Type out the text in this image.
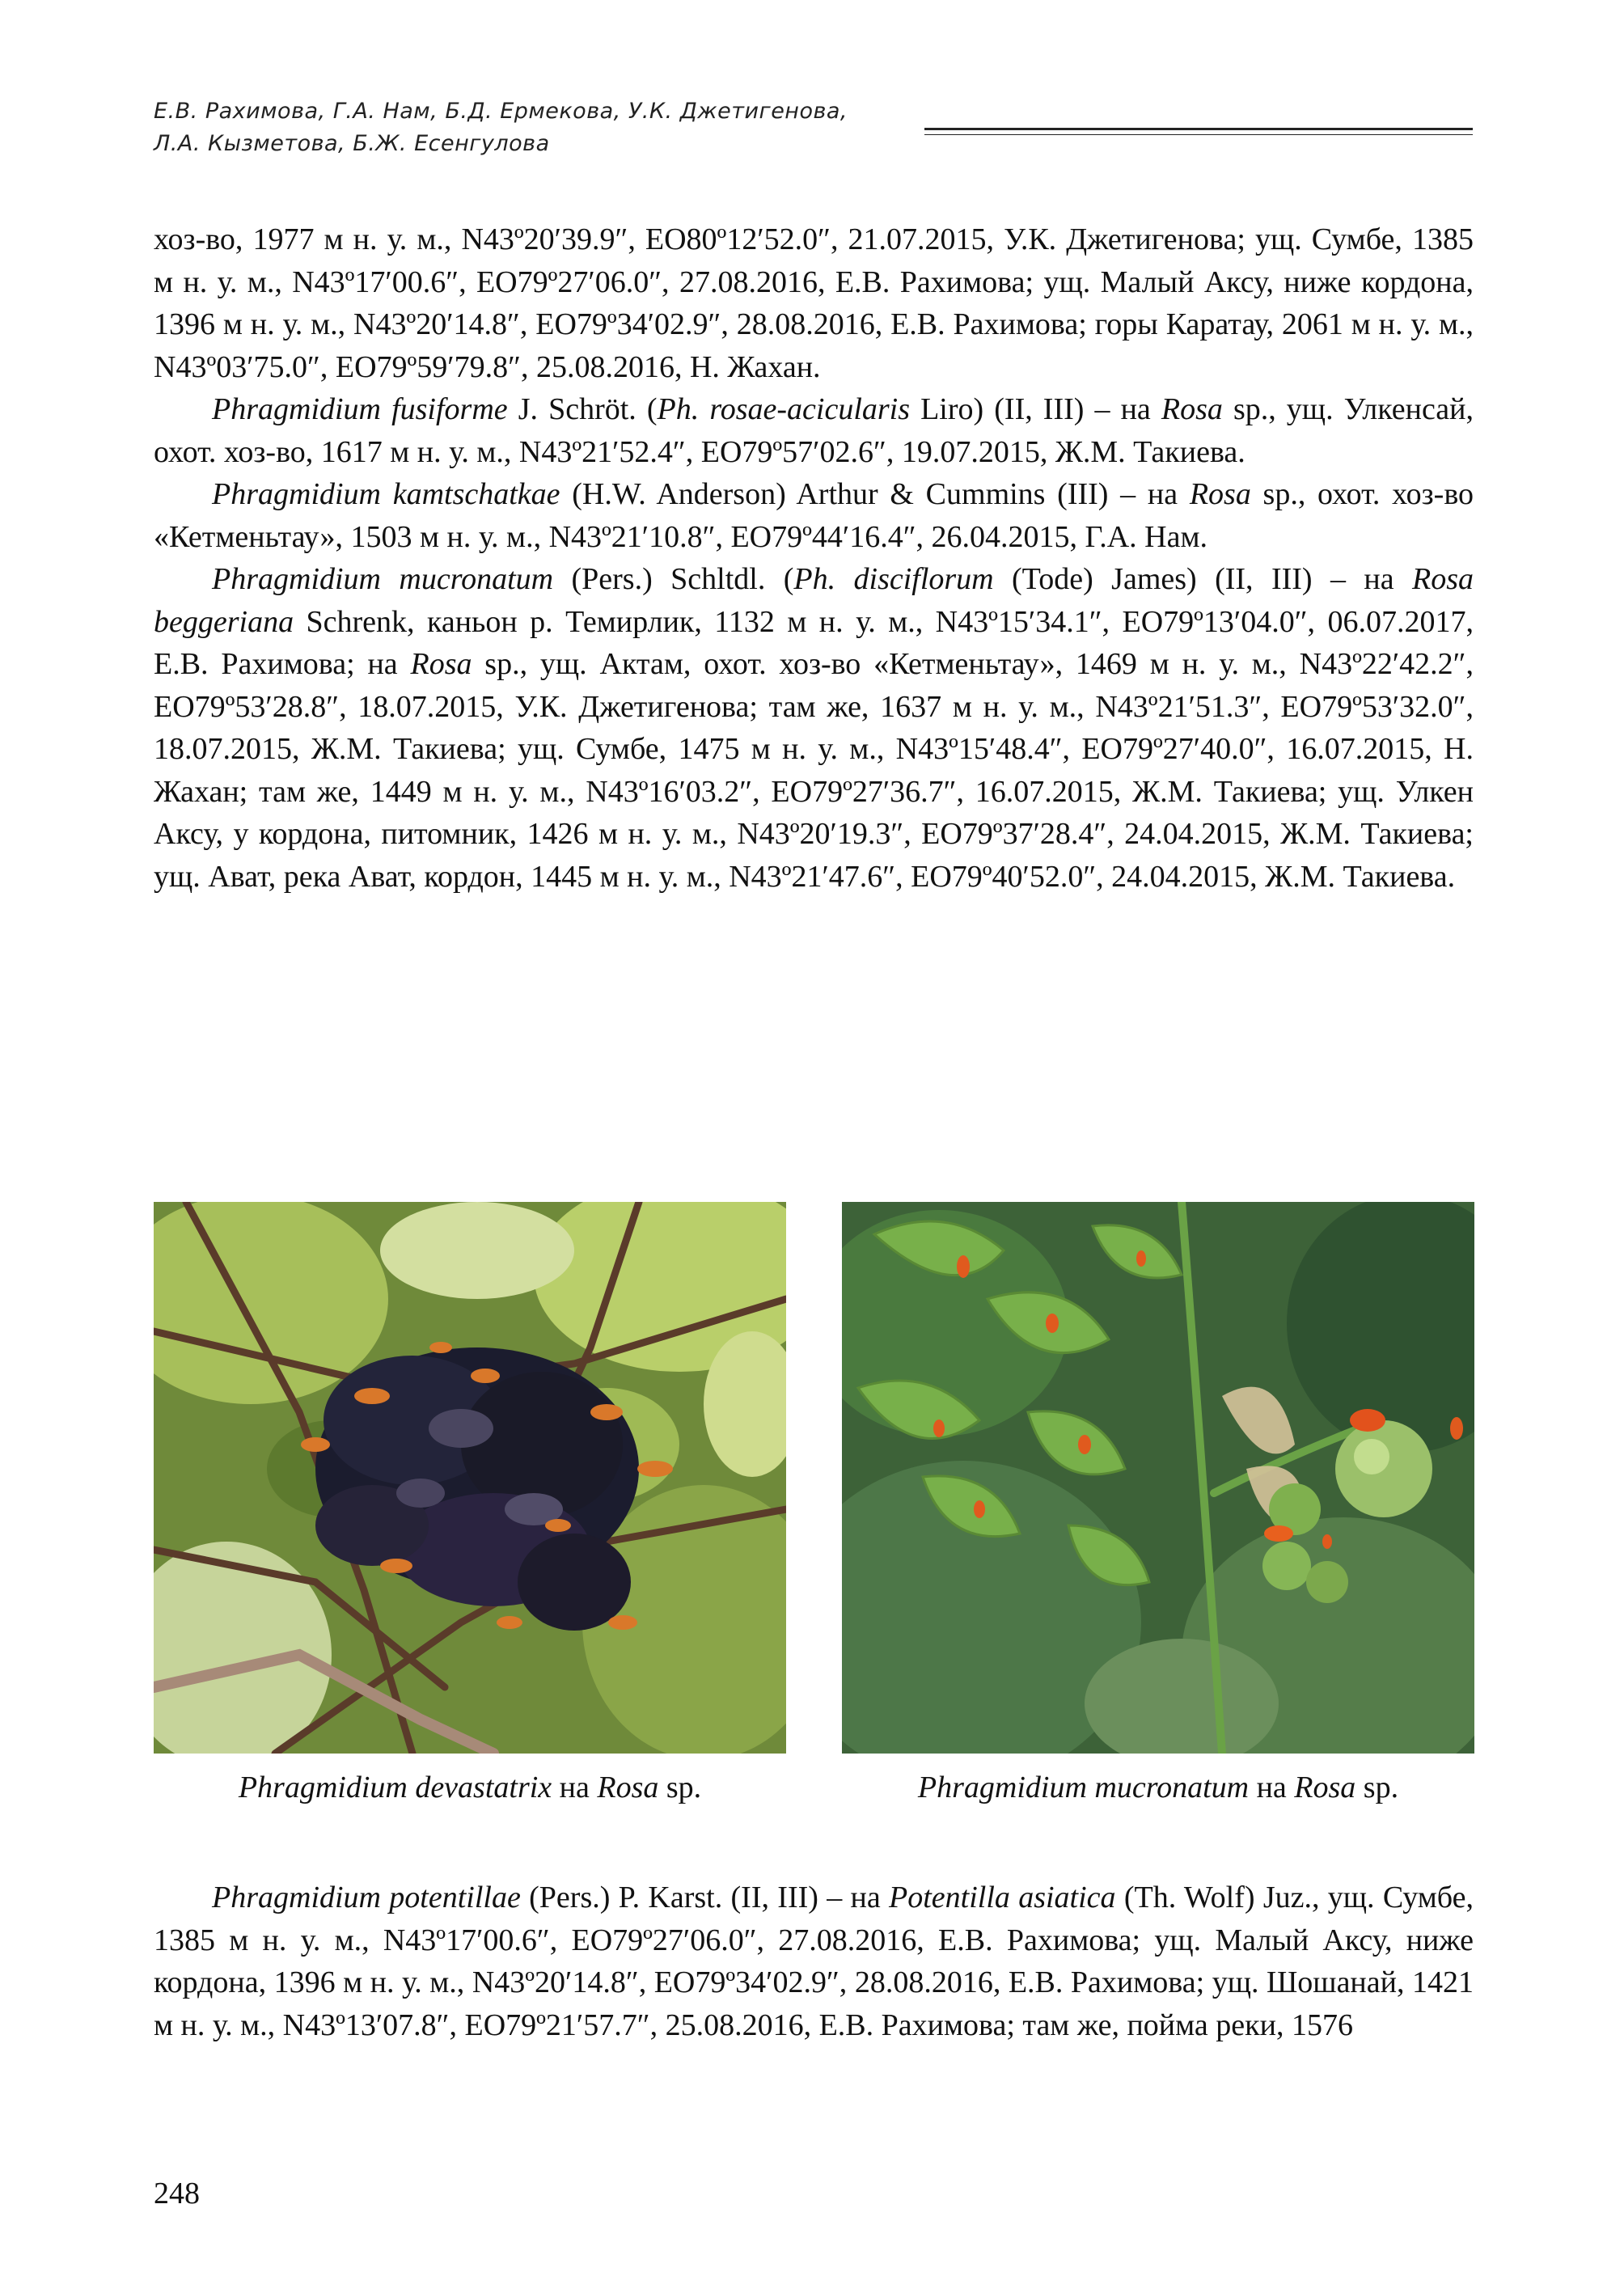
Е.В. Рахимова, Г.А. Нам, Б.Д. Ермекова, У.К. Джетигенова,
Л.А. Кызметова, Б.Ж. Есенгулова

хоз-во, 1977 м н. у. м., N43º20′39.9″, EO80º12′52.0″, 21.07.2015, У.К. Джетигенова; ущ. Сумбе, 1385 м н. у. м., N43º17′00.6″, EO79º27′06.0″, 27.08.2016, Е.В. Рахимова; ущ. Малый Аксу, ниже кордона, 1396 м н. у. м., N43º20′14.8″, EO79º34′02.9″, 28.08.2016, Е.В. Рахимова; горы Каратау, 2061 м н. у. м., N43º03′75.0″, EO79º59′79.8″, 25.08.2016, Н. Жахан.

Phragmidium fusiforme J. Schröt. (Ph. rosae-acicularis Liro) (II, III) – на Rosa sp., ущ. Улкенсай, охот. хоз-во, 1617 м н. у. м., N43º21′52.4″, EO79º57′02.6″, 19.07.2015, Ж.М. Такиева.

Phragmidium kamtschatkae (H.W. Anderson) Arthur & Cummins (III) – на Rosa sp., охот. хоз-во «Кетменьтау», 1503 м н. у. м., N43º21′10.8″, EO79º44′16.4″, 26.04.2015, Г.А. Нам.

Phragmidium mucronatum (Pers.) Schltdl. (Ph. disciflorum (Tode) James) (II, III) – на Rosa beggeriana Schrenk, каньон р. Темирлик, 1132 м н. у. м., N43º15′34.1″, EO79º13′04.0″, 06.07.2017, Е.В. Рахимова; на Rosa sp., ущ. Актам, охот. хоз-во «Кетменьтау», 1469 м н. у. м., N43º22′42.2″, EO79º53′28.8″, 18.07.2015, У.К. Джетигенова; там же, 1637 м н. у. м., N43º21′51.3″, EO79º53′32.0″, 18.07.2015, Ж.М. Такиева; ущ. Сумбе, 1475 м н. у. м., N43º15′48.4″, EO79º27′40.0″, 16.07.2015, Н. Жахан; там же, 1449 м н. у. м., N43º16′03.2″, EO79º27′36.7″, 16.07.2015, Ж.М. Такиева; ущ. Улкен Аксу, у кордона, питомник, 1426 м н. у. м., N43º20′19.3″, EO79º37′28.4″, 24.04.2015, Ж.М. Такиева; ущ. Ават, река Ават, кордон, 1445 м н. у. м., N43º21′47.6″, EO79º40′52.0″, 24.04.2015, Ж.М. Такиева.

Phragmidium devastatrix на Rosa sp.	Phragmidium mucronatum на Rosa sp.

Phragmidium potentillae (Pers.) P. Karst. (II, III) – на Potentilla asiatica (Th. Wolf) Juz., ущ. Сумбе, 1385 м н. у. м., N43º17′00.6″, EO79º27′06.0″, 27.08.2016, Е.В. Рахимова; ущ. Малый Аксу, ниже кордона, 1396 м н. у. м., N43º20′14.8″, EO79º34′02.9″, 28.08.2016, Е.В. Рахимова; ущ. Шошанай, 1421 м н. у. м., N43º13′07.8″, EO79º21′57.7″, 25.08.2016, Е.В. Рахимова; там же, пойма реки, 1576

248
